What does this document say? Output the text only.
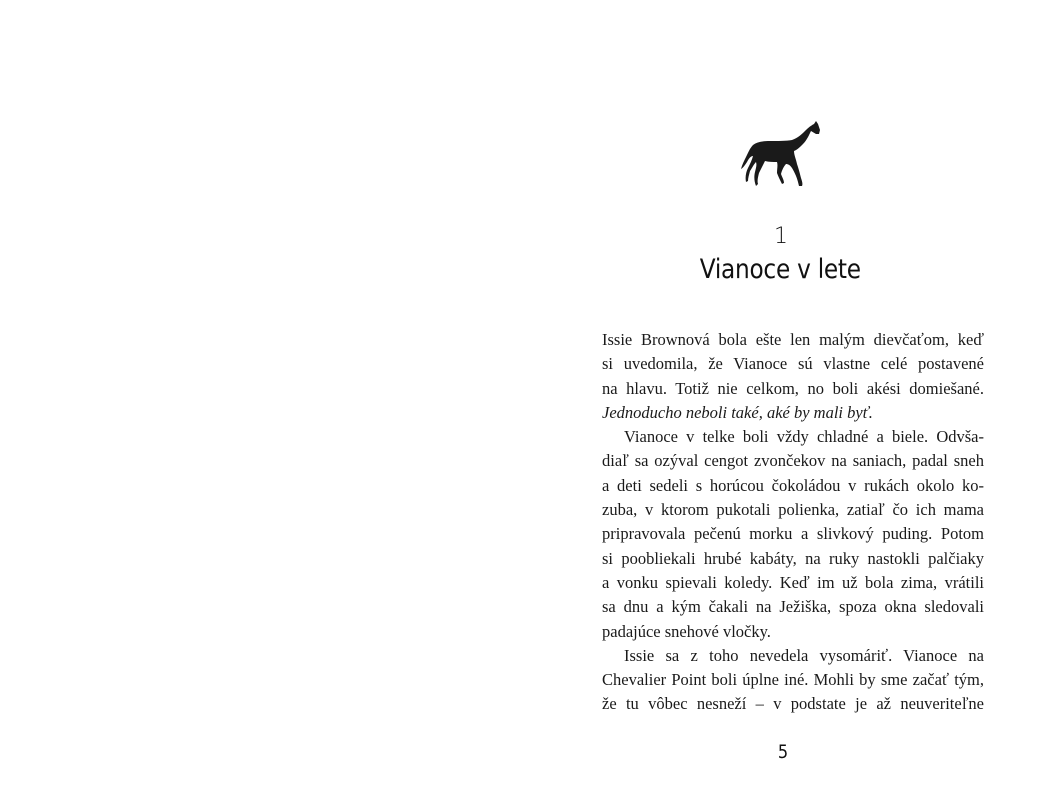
1
Vianoce v lete
Issie Brownová bola ešte len malým dievčaťom, keď
si uvedomila, že Vianoce sú vlastne celé postavené
na hlavu. Totiž nie celkom, no boli akési domiešané.
Jednoducho neboli také, aké by mali byť.
Vianoce v telke boli vždy chladné a biele. Odvša-
diaľ sa ozýval cengot zvončekov na saniach, padal sneh
a deti sedeli s horúcou čokoládou v rukách okolo ko-
zuba, v ktorom pukotali polienka, zatiaľ čo ich mama
pripravovala pečenú morku a slivkový puding. Potom
si poobliekali hrubé kabáty, na ruky nastokli palčiaky
a vonku spievali koledy. Keď im už bola zima, vrátili
sa dnu a kým čakali na Ježiška, spoza okna sledovali
padajúce snehové vločky.
Issie sa z toho nevedela vysomáriť. Vianoce na
Chevalier Point boli úplne iné. Mohli by sme začať tým,
že tu vôbec nesneží – v podstate je až neuveriteľne
5
